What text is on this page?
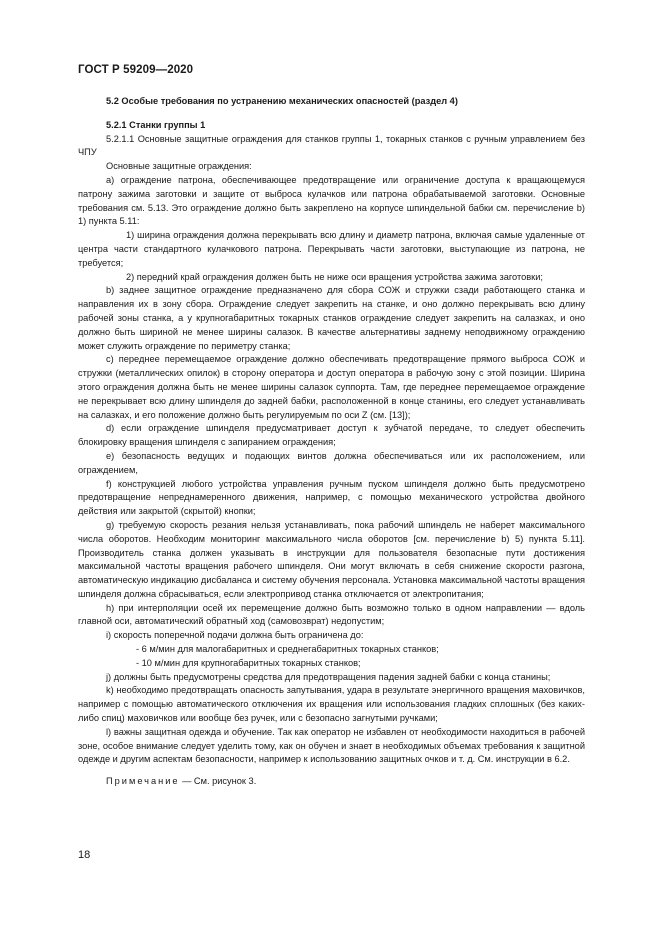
ГОСТ Р 59209—2020

5.2 Особые требования по устранению механических опасностей (раздел 4)

5.2.1 Станки группы 1

5.2.1.1 Основные защитные ограждения для станков группы 1, токарных станков с ручным управлением без ЧПУ

Основные защитные ограждения:

a) ограждение патрона, обеспечивающее предотвращение или ограничение доступа к вращающемуся патрону зажима заготовки и защите от выброса кулачков или патрона обрабатываемой заготовки. Основные требования см. 5.13. Это ограждение должно быть закреплено на корпусе шпиндельной бабки см. перечисление b) 1) пункта 5.11:

1) ширина ограждения должна перекрывать всю длину и диаметр патрона, включая самые удаленные от центра части стандартного кулачкового патрона. Перекрывать части заготовки, выступающие из патрона, не требуется;

2) передний край ограждения должен быть не ниже оси вращения устройства зажима заготовки;

b) заднее защитное ограждение предназначено для сбора СОЖ и стружки сзади работающего станка и направления их в зону сбора. Ограждение следует закрепить на станке, и оно должно перекрывать всю длину рабочей зоны станка, а у крупногабаритных токарных станков ограждение следует закрепить на салазках, и оно должно быть шириной не менее ширины салазок. В качестве альтернативы заднему неподвижному ограждению может служить ограждение по периметру станка;

c) переднее перемещаемое ограждение должно обеспечивать предотвращение прямого выброса СОЖ и стружки (металлических опилок) в сторону оператора и доступ оператора в рабочую зону с этой позиции. Ширина этого ограждения должна быть не менее ширины салазок суппорта. Там, где переднее перемещаемое ограждение не перекрывает всю длину шпинделя до задней бабки, расположенной в конце станины, его следует устанавливать на салазках, и его положение должно быть регулируемым по оси Z (см. [13]);

d) если ограждение шпинделя предусматривает доступ к зубчатой передаче, то следует обеспечить блокировку вращения шпинделя с запиранием ограждения;

e) безопасность ведущих и подающих винтов должна обеспечиваться или их расположением, или ограждением,

f) конструкцией любого устройства управления ручным пуском шпинделя должно быть предусмотрено предотвращение непреднамеренного движения, например, с помощью механического устройства двойного действия или закрытой (скрытой) кнопки;

g) требуемую скорость резания нельзя устанавливать, пока рабочий шпиндель не наберет максимального числа оборотов. Необходим мониторинг максимального числа оборотов [см. перечисление b) 5) пункта 5.11]. Производитель станка должен указывать в инструкции для пользователя безопасные пути достижения максимальной частоты вращения рабочего шпинделя. Они могут включать в себя снижение скорости разгона, автоматическую индикацию дисбаланса и систему обучения персонала. Установка максимальной частоты вращения шпинделя должна сбрасываться, если электропривод станка отключается от электропитания;

h) при интерполяции осей их перемещение должно быть возможно только в одном направлении — вдоль главной оси, автоматический обратный ход (самовозврат) недопустим;

i) скорость поперечной подачи должна быть ограничена до:

- 6 м/мин для малогабаритных и среднегабаритных токарных станков;

- 10 м/мин для крупногабаритных токарных станков;

j) должны быть предусмотрены средства для предотвращения падения задней бабки с конца станины;

k) необходимо предотвращать опасность запутывания, удара в результате энергичного вращения маховичков, например с помощью автоматического отключения их вращения или использования гладких сплошных (без каких-либо спиц) маховичков или вообще без ручек, или с безопасно загнутыми ручками;

l) важны защитная одежда и обучение. Так как оператор не избавлен от необходимости находиться в рабочей зоне, особое внимание следует уделить тому, как он обучен и знает в необходимых объемах требования к защитной одежде и другим аспектам безопасности, например к использованию защитных очков и т. д. См. инструкции в 6.2.

Примечание — См. рисунок 3.

18
